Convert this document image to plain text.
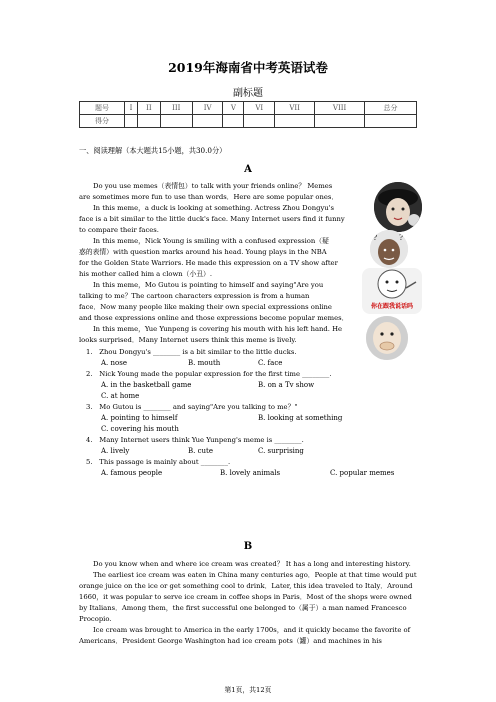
2019年海南省中考英语试卷
副标题
题号	I	II	III	IV	V	VI	VII	VIII	总分
得分									
一、阅读理解（本大题共15小题，共30.0分）
A
Do you use memes（表情包）to talk with your friends online？ Memes
are sometimes more fun to use than words．Here are some popular ones．
In this meme，a duck is looking at something. Actress Zhou Dongyu's
face is a bit similar to the little duck's face. Many Internet users find it funny
to compare their faces.
In this meme，Nick Young is smiling with a confused expression（疑
惑的表情）with question marks around his head. Young plays in the NBA
for the Golden State Warriors. He made this expression on a TV show after
his mother called him a clown（小丑）.
In this meme，Mo Gutou is pointing to himself and saying"Are you
talking to me？The cartoon characters expression is from a human
face．Now many people like making their own special expressions online
and those expressions online and those expressions become popular memes．
In this meme，Yue Yunpeng is covering his mouth with his left hand. He
looks surprised．Many Internet users think this meme is lively.
?	?
你在跟我说话吗
1.　Zhou Dongyu's ________ is a bit similar to the little ducks.
A. nose	B. mouth	C. face
2.　Nick Young made the popular expression for the first time ________.
A. in the basketball game	B. on a Tv show
C. at home
3.　Mo Gutou is ________ and saying"Are you talking to me？"
A. pointing to himself	B. looking at something
C. covering his mouth
4.　Many Internet users think Yue Yunpeng's meme is ________.
A. lively	B. cute	C. surprising
5.　This passage is mainly about ________.
A. famous people	B. lovely animals	C. popular memes
B
Do you know when and where ice cream was created？ It has a long and interesting history.
The earliest ice cream was eaten in China many centuries ago．People at that time would put
orange juice on the ice or get something cool to drink．Later, this idea traveled to Italy．Around
1660，it was popular to serve ice cream in coffee shops in Paris．Most of the shops were owned
by Italians．Among them，the first successful one belonged to（属于）a man named Francesco
Procopio.
Ice cream was brought to America in the early 1700s，and it quickly became the favorite of
Americans．President George Washington had ice cream pots（罐）and machines in his
第1页，共12页
